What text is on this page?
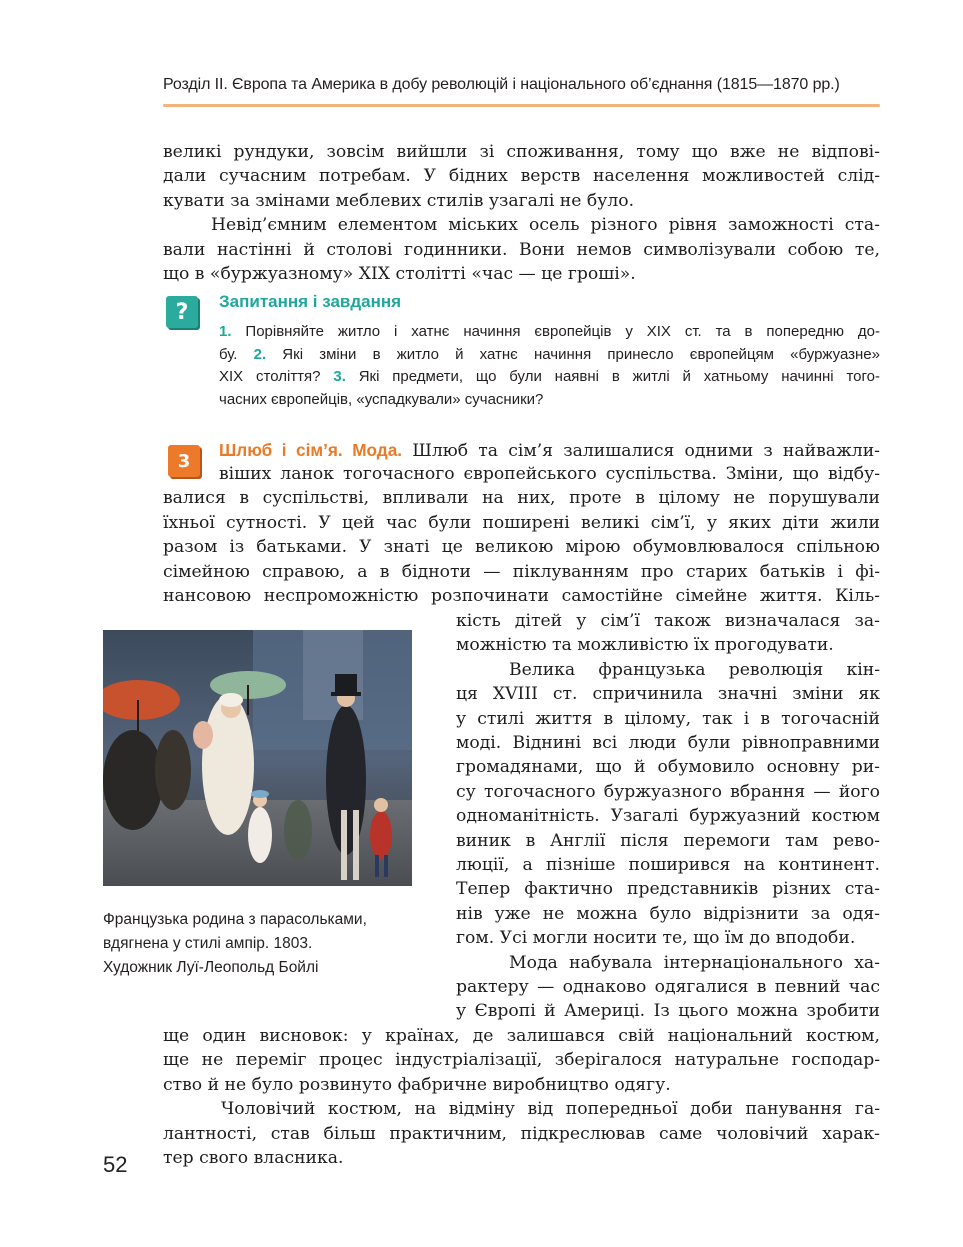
Розділ ІІ. Європа та Америка в добу революцій і національного об’єднання (1815—1870 рр.)
великі рундуки, зовсім вийшли зі споживання, тому що вже не відпові-
дали сучасним потребам. У бідних верств населення можливостей слід-
кувати за змінами меблевих стилів узагалі не було.
Невід’ємним елементом міських осель різного рівня заможності ста-
вали настінні й столові годинники. Вони немов символізували собою те,
що в «буржуазному» XIX столітті «час — це гроші».
?	Запитання і завдання
1. Порівняйте житло і хатнє начиння європейців у XIX ст. та в попередню до-
бу. 2. Які зміни в житло й хатнє начиння принесло європейцям «буржуазне»
XIX століття? 3. Які предмети, що були наявні в житлі й хатньому начинні того-
часних європейців, «успадкували» сучасники?
3
Шлюб і сім’я. Мода. Шлюб та сім’я залишалися одними з найважли-
віших ланок тогочасного європейського суспільства. Зміни, що відбу-
валися в суспільстві, впливали на них, проте в цілому не порушували
їхньої сутності. У цей час були поширені великі сім’ї, у яких діти жили
разом із батьками. У знаті це великою мірою обумовлювалося спільною
сімейною справою, а в бідноти — піклуванням про старих батьків і фі-
нансовою неспроможністю розпочинати самостійне сімейне життя. Кіль-
кість дітей у сім’ї також визначалася за-
можністю та можливістю їх прогодувати.
Велика французька революція кін-
ця XVIII ст. спричинила значні зміни як
у стилі життя в цілому, так і в тогочасній
моді. Віднині всі люди були рівноправними
громадянами, що й обумовило основну ри-
су тогочасного буржуазного вбрання — його
одноманітність. Узагалі буржуазний костюм
виник в Англії після перемоги там рево-
люції, а пізніше поширився на континент.
Тепер фактично представників різних ста-
нів уже не можна було відрізнити за одя-
гом. Усі могли носити те, що їм до вподоби.
Мода набувала інтернаціонального ха-
рактеру — однаково одягалися в певний час
у Європі й Америці. Із цього можна зробити
ще один висновок: у країнах, де залишався свій національний костюм,
ще не переміг процес індустріалізації, зберігалося натуральне господар-
ство й не було розвинуто фабричне виробництво одягу.
Чоловічий костюм, на відміну від попередньої доби панування га-
лантності, став більш практичним, підкреслював саме чоловічий харак-
тер свого власника.
Французька родина з парасольками,
вдягнена у стилі ампір. 1803.
Художник Луї-Леопольд Бойлі
52
